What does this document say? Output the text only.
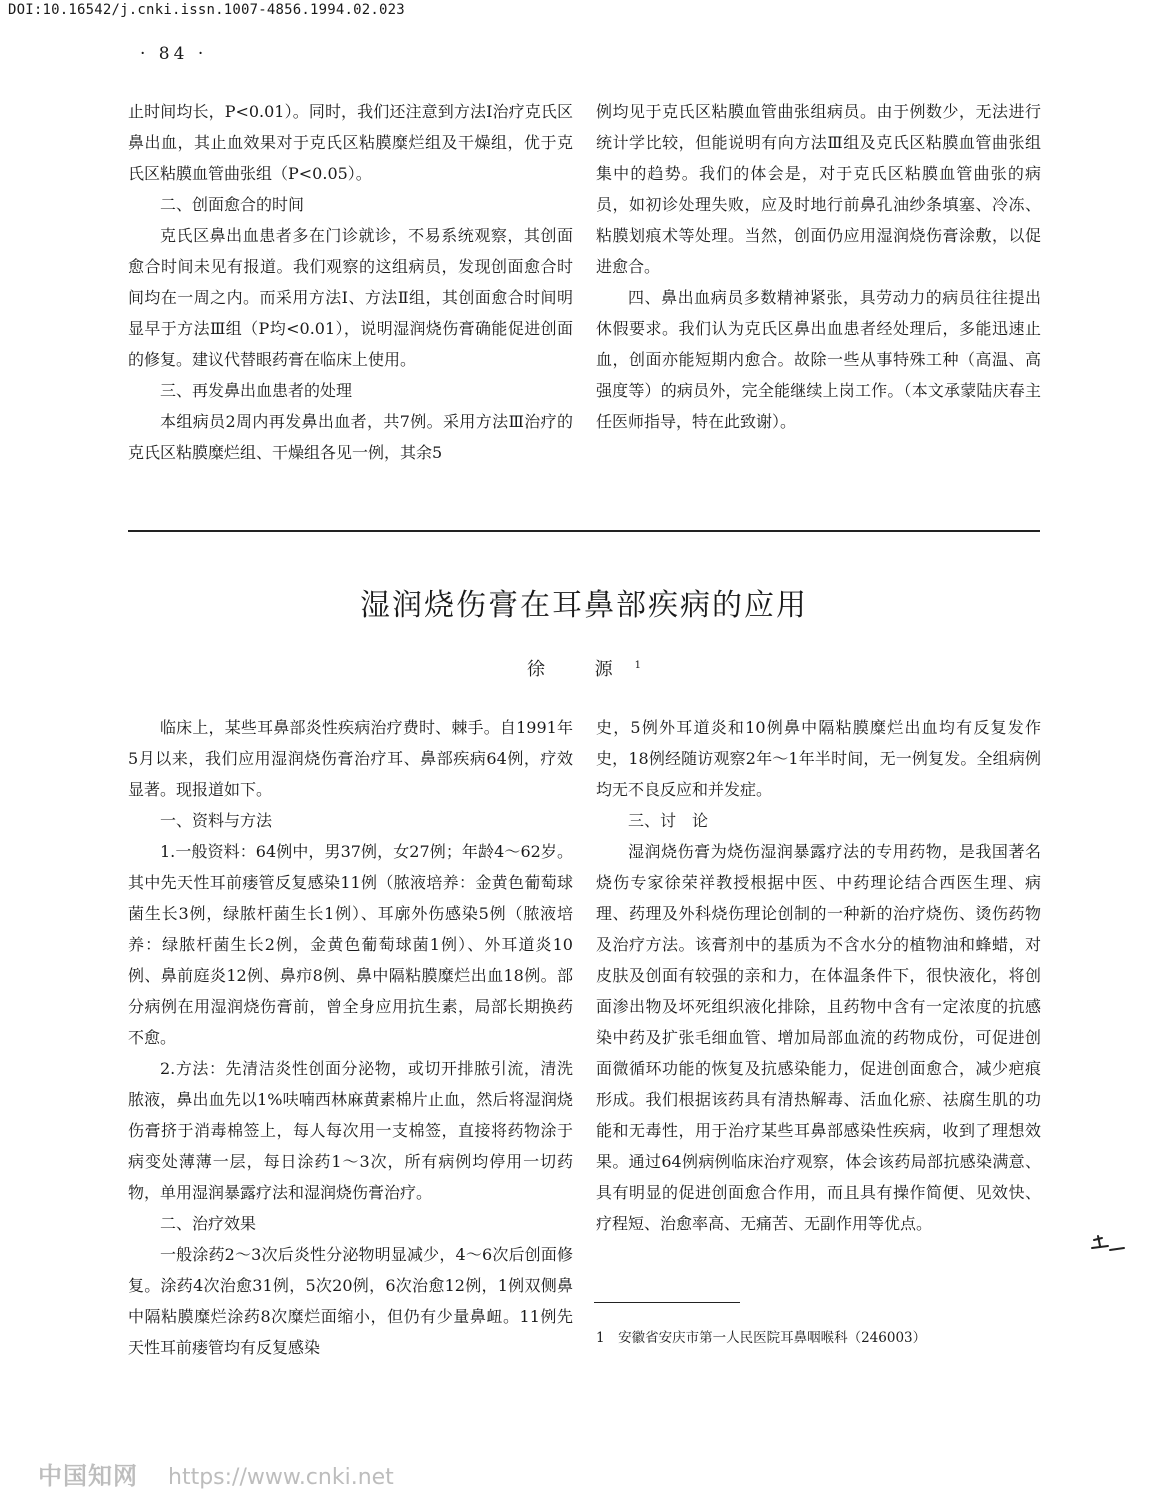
DOI:10.16542/j.cnki.issn.1007-4856.1994.02.023
· 84 ·

止时间均长，P<0.01）。同时，我们还注意到方法Ⅰ治疗克氏区鼻出血，其止血效果对于克氏区粘膜糜烂组及干燥组，优于克氏区粘膜血管曲张组（P<0.05）。

二、创面愈合的时间

克氏区鼻出血患者多在门诊就诊，不易系统观察，其创面愈合时间未见有报道。我们观察的这组病员，发现创面愈合时间均在一周之内。而采用方法Ⅰ、方法Ⅱ组，其创面愈合时间明显早于方法Ⅲ组（P均<0.01），说明湿润烧伤膏确能促进创面的修复。建议代替眼药膏在临床上使用。

三、再发鼻出血患者的处理

本组病员2周内再发鼻出血者，共7例。采用方法Ⅲ治疗的克氏区粘膜糜烂组、干燥组各见一例，其余5

例均见于克氏区粘膜血管曲张组病员。由于例数少，无法进行统计学比较，但能说明有向方法Ⅲ组及克氏区粘膜血管曲张组集中的趋势。我们的体会是，对于克氏区粘膜血管曲张的病员，如初诊处理失败，应及时地行前鼻孔油纱条填塞、冷冻、粘膜划痕术等处理。当然，创面仍应用湿润烧伤膏涂敷，以促进愈合。

四、鼻出血病员多数精神紧张，具劳动力的病员往往提出休假要求。我们认为克氏区鼻出血患者经处理后，多能迅速止血，创面亦能短期内愈合。故除一些从事特殊工种（高温、高强度等）的病员外，完全能继续上岗工作。（本文承蒙陆庆春主任医师指导，特在此致谢）。

湿润烧伤膏在耳鼻部疾病的应用
徐 源$^1$

临床上，某些耳鼻部炎性疾病治疗费时、棘手。自1991年5月以来，我们应用湿润烧伤膏治疗耳、鼻部疾病64例，疗效显著。现报道如下。

一、资料与方法

1.一般资料：64例中，男37例，女27例；年龄4～62岁。其中先天性耳前瘘管反复感染11例（脓液培养：金黄色葡萄球菌生长3例，绿脓杆菌生长1例）、耳廓外伤感染5例（脓液培养：绿脓杆菌生长2例，金黄色葡萄球菌1例）、外耳道炎10例、鼻前庭炎12例、鼻疖8例、鼻中隔粘膜糜烂出血18例。部分病例在用湿润烧伤膏前，曾全身应用抗生素，局部长期换药不愈。

2.方法：先清洁炎性创面分泌物，或切开排脓引流，清洗脓液，鼻出血先以1%呋喃西林麻黄素棉片止血，然后将湿润烧伤膏挤于消毒棉签上，每人每次用一支棉签，直接将药物涂于病变处薄薄一层，每日涂药1～3次，所有病例均停用一切药物，单用湿润暴露疗法和湿润烧伤膏治疗。

二、治疗效果

一般涂药2～3次后炎性分泌物明显减少，4～6次后创面修复。涂药4次治愈31例，5次20例，6次治愈12例，1例双侧鼻中隔粘膜糜烂涂药8次糜烂面缩小，但仍有少量鼻衄。11例先天性耳前瘘管均有反复感染

史，5例外耳道炎和10例鼻中隔粘膜糜烂出血均有反复发作史，18例经随访观察2年～1年半时间，无一例复发。全组病例均无不良反应和并发症。

三、讨　论

湿润烧伤膏为烧伤湿润暴露疗法的专用药物，是我国著名烧伤专家徐荣祥教授根据中医、中药理论结合西医生理、病理、药理及外科烧伤理论创制的一种新的治疗烧伤、烫伤药物及治疗方法。该膏剂中的基质为不含水分的植物油和蜂蜡，对皮肤及创面有较强的亲和力，在体温条件下，很快液化，将创面渗出物及坏死组织液化排除，且药物中含有一定浓度的抗感染中药及扩张毛细血管、增加局部血流的药物成份，可促进创面微循环功能的恢复及抗感染能力，促进创面愈合，减少疤痕形成。我们根据该药具有清热解毒、活血化瘀、祛腐生肌的功能和无毒性，用于治疗某些耳鼻部感染性疾病，收到了理想效果。通过64例病例临床治疗观察，体会该药局部抗感染满意、具有明显的促进创面愈合作用，而且具有操作简便、见效快、疗程短、治愈率高、无痛苦、无副作用等优点。

1　安徽省安庆市第一人民医院耳鼻咽喉科（246003）
中国知网 https://www.cnki.net
